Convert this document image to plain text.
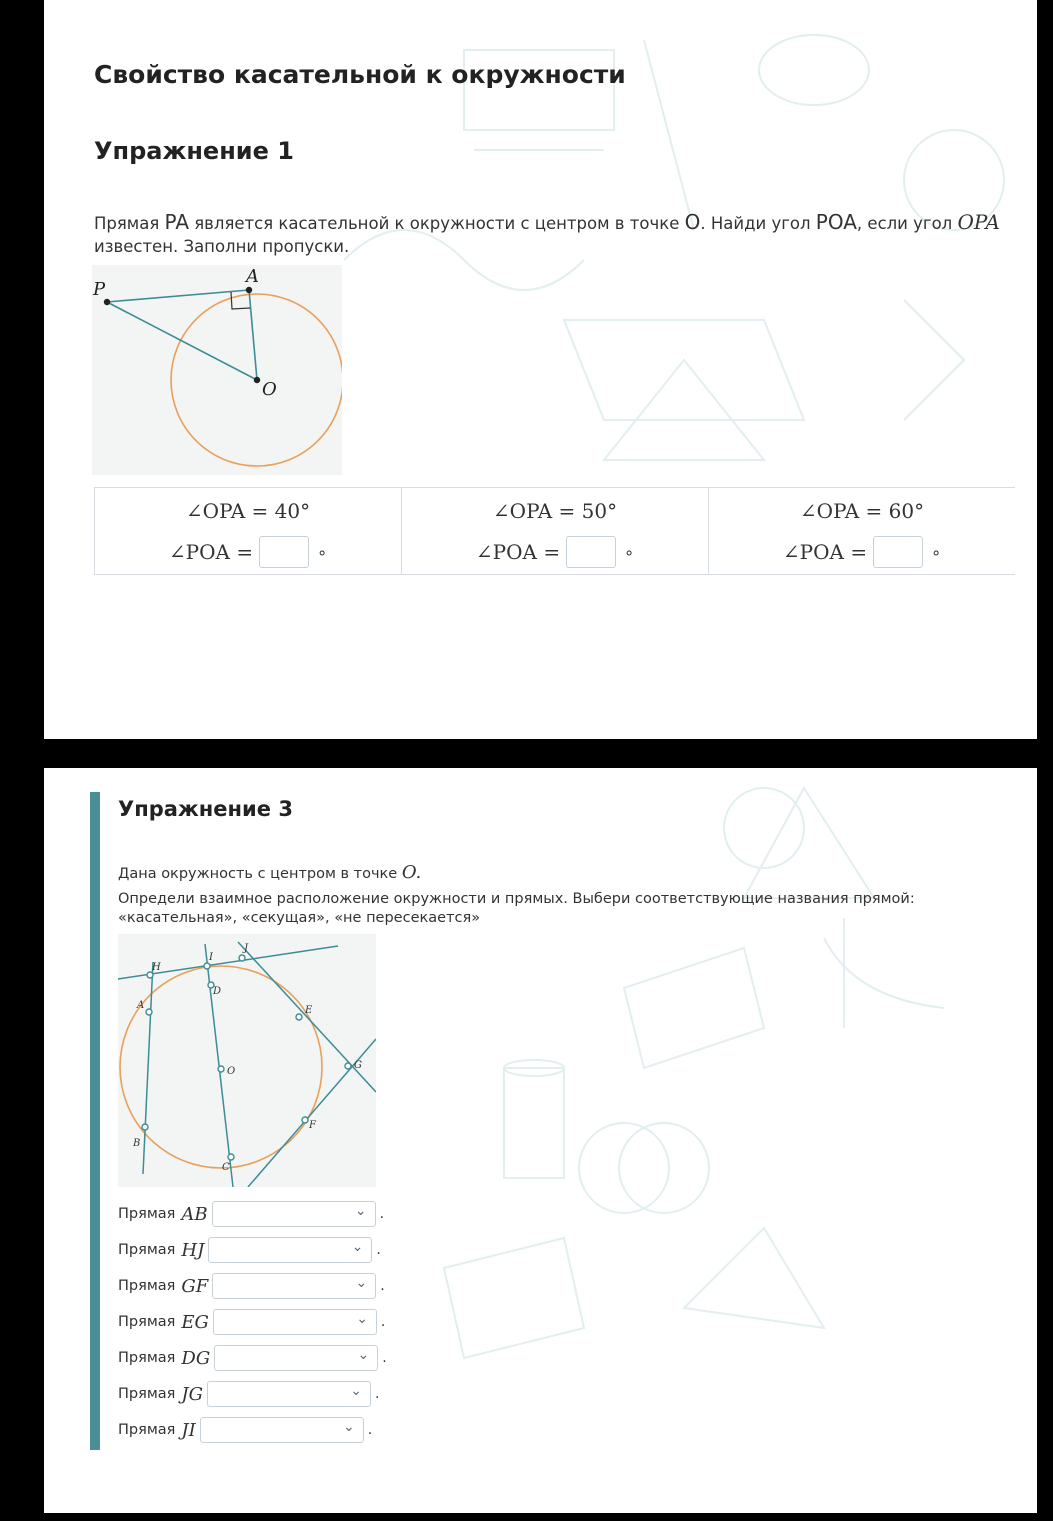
Свойство касательной к окружности
Упражнение 1
Прямая PA является касательной к окружности с центром в точке O. Найди угол POA, если угол OPA
известен. Заполни пропуски.
P
A
O
∠OPA = 40°
∠POA =	∘
∠OPA = 50°
∠POA =	∘
∠OPA = 60°
∠POA =	∘
Упражнение 3
Дана окружность с центром в точке O.
Определи взаимное расположение окружности и прямых. Выбери соответствующие названия прямой:
«касательная», «секущая», «не пересекается»
H
I
J
A
D
E
O
G
F
B
C
Прямая AB	⌄ .
Прямая HJ	⌄ .
Прямая GF	⌄ .
Прямая EG	⌄ .
Прямая DG	⌄ .
Прямая JG	⌄ .
Прямая JI	⌄ .
